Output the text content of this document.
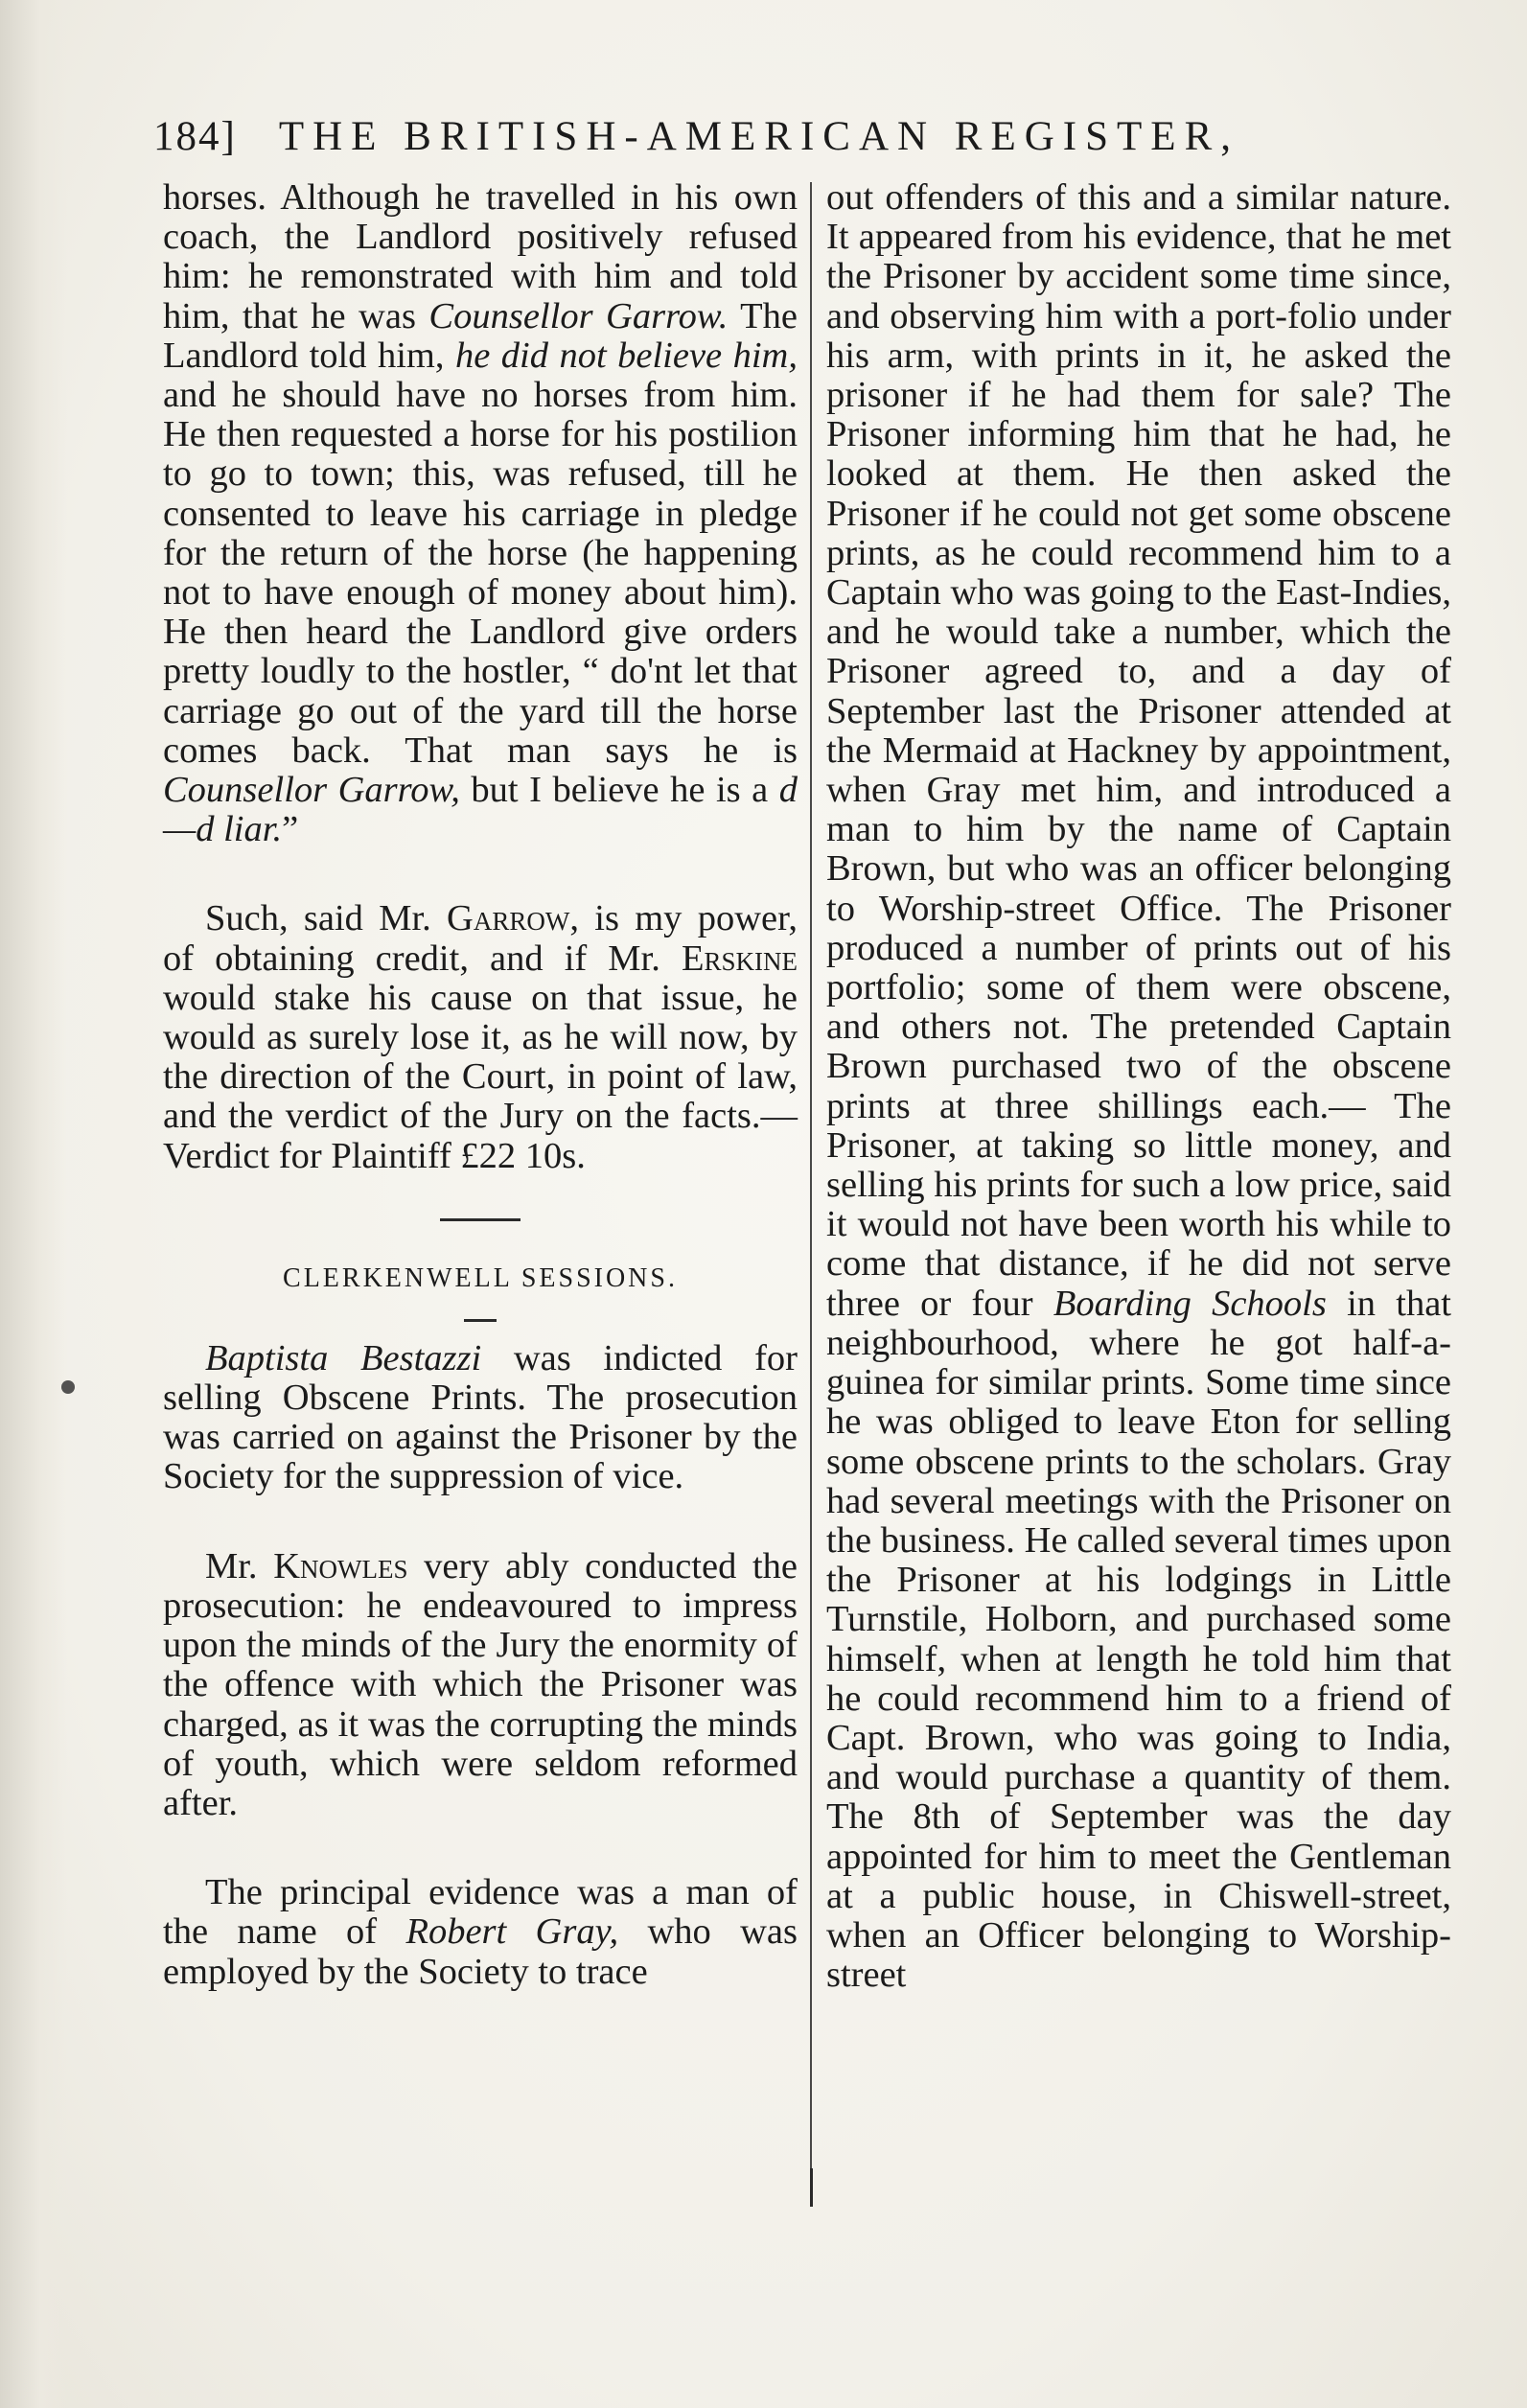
184] THE BRITISH-AMERICAN REGISTER,

horses. Although he travelled in his own coach, the Landlord positively refused him: he remonstrated with him and told him, that he was Counsellor Garrow. The Landlord told him, he did not believe him, and he should have no horses from him. He then requested a horse for his postilion to go to town; this, was refused, till he consented to leave his carriage in pledge for the return of the horse (he happening not to have enough of money about him). He then heard the Landlord give orders pretty loudly to the hostler, “ do'nt let that carriage go out of the yard till the horse comes back. That man says he is Counsellor Garrow, but I believe he is a d—d liar.”

Such, said Mr. Garrow, is my power, of obtaining credit, and if Mr. Erskine would stake his cause on that issue, he would as surely lose it, as he will now, by the direction of the Court, in point of law, and the verdict of the Jury on the facts.— Verdict for Plaintiff £22 10s.

CLERKENWELL SESSIONS.

Baptista Bestazzi was indicted for selling Obscene Prints. The prosecution was carried on against the Prisoner by the Society for the suppression of vice.

Mr. Knowles very ably conducted the prosecution: he endeavoured to impress upon the minds of the Jury the enormity of the offence with which the Prisoner was charged, as it was the corrupting the minds of youth, which were seldom reformed after.

The principal evidence was a man of the name of Robert Gray, who was employed by the Society to trace

out offenders of this and a similar nature. It appeared from his evidence, that he met the Prisoner by accident some time since, and observing him with a port-folio under his arm, with prints in it, he asked the prisoner if he had them for sale? The Prisoner informing him that he had, he looked at them. He then asked the Prisoner if he could not get some obscene prints, as he could recommend him to a Captain who was going to the East-Indies, and he would take a number, which the Prisoner agreed to, and a day of September last the Prisoner attended at the Mermaid at Hackney by appointment, when Gray met him, and introduced a man to him by the name of Captain Brown, but who was an officer belonging to Worship-street Office. The Prisoner produced a number of prints out of his portfolio; some of them were obscene, and others not. The pretended Captain Brown purchased two of the obscene prints at three shillings each.— The Prisoner, at taking so little money, and selling his prints for such a low price, said it would not have been worth his while to come that distance, if he did not serve three or four Boarding Schools in that neighbourhood, where he got half-a-guinea for similar prints. Some time since he was obliged to leave Eton for selling some obscene prints to the scholars. Gray had several meetings with the Prisoner on the business. He called several times upon the Prisoner at his lodgings in Little Turnstile, Holborn, and purchased some himself, when at length he told him that he could recommend him to a friend of Capt. Brown, who was going to India, and would purchase a quantity of them. The 8th of September was the day appointed for him to meet the Gentleman at a public house, in Chiswell-street, when an Officer belonging to Worship-street
